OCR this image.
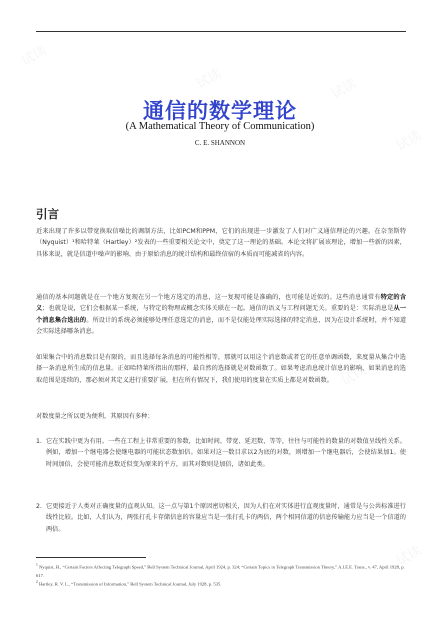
试读
试读	试读
试读
试读
试读
通信的数学理论
(A Mathematical Theory of Communication)
C. E. SHANNON
引言

近来出现了许多以带宽换取信噪比的调制方法，比如PCM和PPM，它们的出现进一步激发了人们对广义通信理论的兴趣。在奈奎斯特（Nyquist）¹和哈特莱（Hartley）²发表的一些重要相关论文中，奠定了这一理论的基础。本论文将扩展该理论，增加一些新的因素，具体来说，就是信道中噪声的影响、由于原始消息的统计结构和最终信宿的本质而可能减省的内容。

通信的基本问题就是在一个地方复现在另一个地方选定的消息，这一复现可能是准确的，也可能是近似的。这些消息通常有特定的含义；也就是说，它们会根据某一系统，与特定的物理或概念实体关联在一起。通信的语义与工程问题无关。重要的是：实际消息是从一个消息集合选出的。所设计的系统必须能够处理任意选定的消息，而不是仅能处理实际选择的特定消息，因为在设计系统时，并不知道会实际选择哪条消息。

如果集合中的消息数目是有限的，而且选择每条消息的可能性相等，那就可以用这个消息数或者它的任意单调函数，来度量从集合中选择一条消息所生成的信息量。正如哈特莱所指出的那样，最自然的选择就是对数函数了。如果考虑消息统计信息的影响，如果消息的选取范围是连续的，那必须对其定义进行重要扩展，但在所有情况下，我们使用的度量在实质上都是对数函数。

对数度量之所以更为便利，其原因有多种：

1. 它在实践中更为有用。一些在工程上非常重要的参数，比如时间、带宽、延迟数，等等，往往与可能性的数量的对数值呈线性关系。例如，增加一个继电器会使继电器的可能状态数加倍。如果对这一数目求以2为底的对数，则增加一个继电器后，会使结果加1。使时间加倍，会使可能消息数近似变为原来的平方，而其对数则是加倍，诸如此类。
2. 它更接近于人类对正确度量的直观认知。这一点与第1个原因密切相关，因为人们在对实体进行直观度量时，通常是与公共标准进行线性比较。比如，人们认为，两张打孔卡存储信息的容量应当是一张打孔卡的两倍，两个相同信道的信息传输能力应当是一个信道的两倍。
$^1$ Nyquist, H., “Certain Factors Affecting Telegraph Speed,” Bell System Technical Journal, April 1924, p. 324; “Certain Topics in Telegraph Transmission Theory,” A.I.E.E. Trans., v. 47, April 1928, p. 617.
$^2$ Hartley, R. V. L., “Transmission of Information,” Bell System Technical Journal, July 1928, p. 535.
